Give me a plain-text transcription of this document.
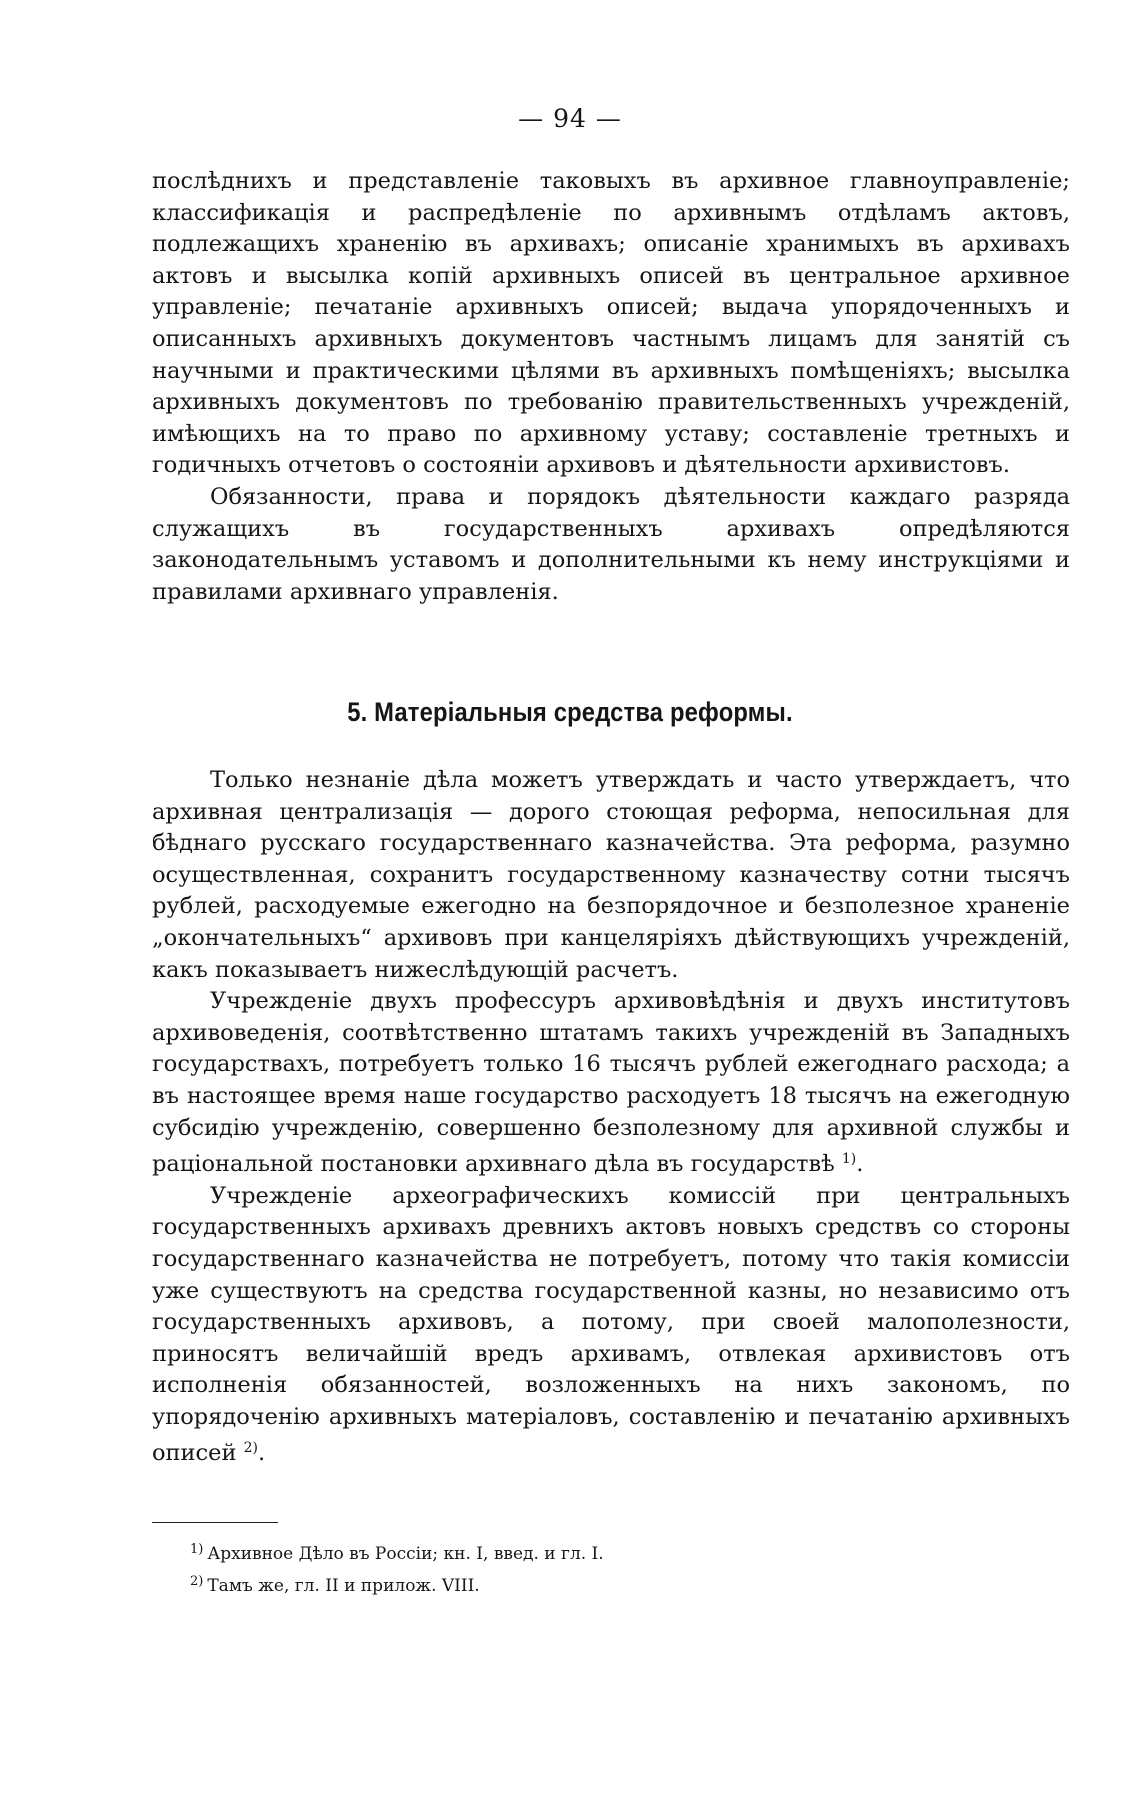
— 94 —

послѣднихъ и представленіе таковыхъ въ архивное главноуправленіе; классификація и распредѣленіе по архивнымъ отдѣламъ актовъ, подлежащихъ храненію въ архивахъ; описаніе хранимыхъ въ архивахъ актовъ и высылка копій архивныхъ описей въ центральное архивное управленіе; печатаніе архивныхъ описей; выдача упорядоченныхъ и описанныхъ архивныхъ документовъ частнымъ лицамъ для занятій съ научными и практическими цѣлями въ архивныхъ помѣщеніяхъ; высылка архивныхъ документовъ по требованію правительственныхъ учрежденій, имѣющихъ на то право по архивному уставу; составленіе третныхъ и годичныхъ отчетовъ о состояніи архивовъ и дѣятельности архивистовъ.

Обязанности, права и порядокъ дѣятельности каждаго разряда служащихъ въ государственныхъ архивахъ опредѣляются законодательнымъ уставомъ и дополнительными къ нему инструкціями и правилами архивнаго управленія.

5. Матеріальныя средства реформы.

Только незнаніе дѣла можетъ утверждать и часто утверждаетъ, что архивная централизація — дорого стоющая реформа, непосильная для бѣднаго русскаго государственнаго казначейства. Эта реформа, разумно осуществленная, сохранитъ государственному казначеству сотни тысячъ рублей, расходуемые ежегодно на безпорядочное и безполезное храненіе „окончательныхъ“ архивовъ при канцеляріяхъ дѣйствующихъ учрежденій, какъ показываетъ нижеслѣдующій расчетъ.

Учрежденіе двухъ профессуръ архивовѣдѣнія и двухъ институтовъ архивоведенія, соотвѣтственно штатамъ такихъ учрежденій въ Западныхъ государствахъ, потребуетъ только 16 тысячъ рублей ежегоднаго расхода; а въ настоящее время наше государство расходуетъ 18 тысячъ на ежегодную субсидію учрежденію, совершенно безполезному для архивной службы и раціональной постановки архивнаго дѣла въ государствѣ $^{1)}$.

Учрежденіе археографическихъ комиссій при центральныхъ государственныхъ архивахъ древнихъ актовъ новыхъ средствъ со стороны государственнаго казначейства не потребуетъ, потому что такія комиссіи уже существуютъ на средства государственной казны, но независимо отъ государственныхъ архивовъ, а потому, при своей малополезности, приносятъ величайшій вредъ архивамъ, отвлекая архивистовъ отъ исполненія обязанностей, возложенныхъ на нихъ закономъ, по упорядоченію архивныхъ матеріаловъ, составленію и печатанію архивныхъ описей $^{2)}$.

$^{1)}$ Архивное Дѣло въ Россіи; кн. I, введ. и гл. I.
$^{2)}$ Тамъ же, гл. II и прилож. VIII.
